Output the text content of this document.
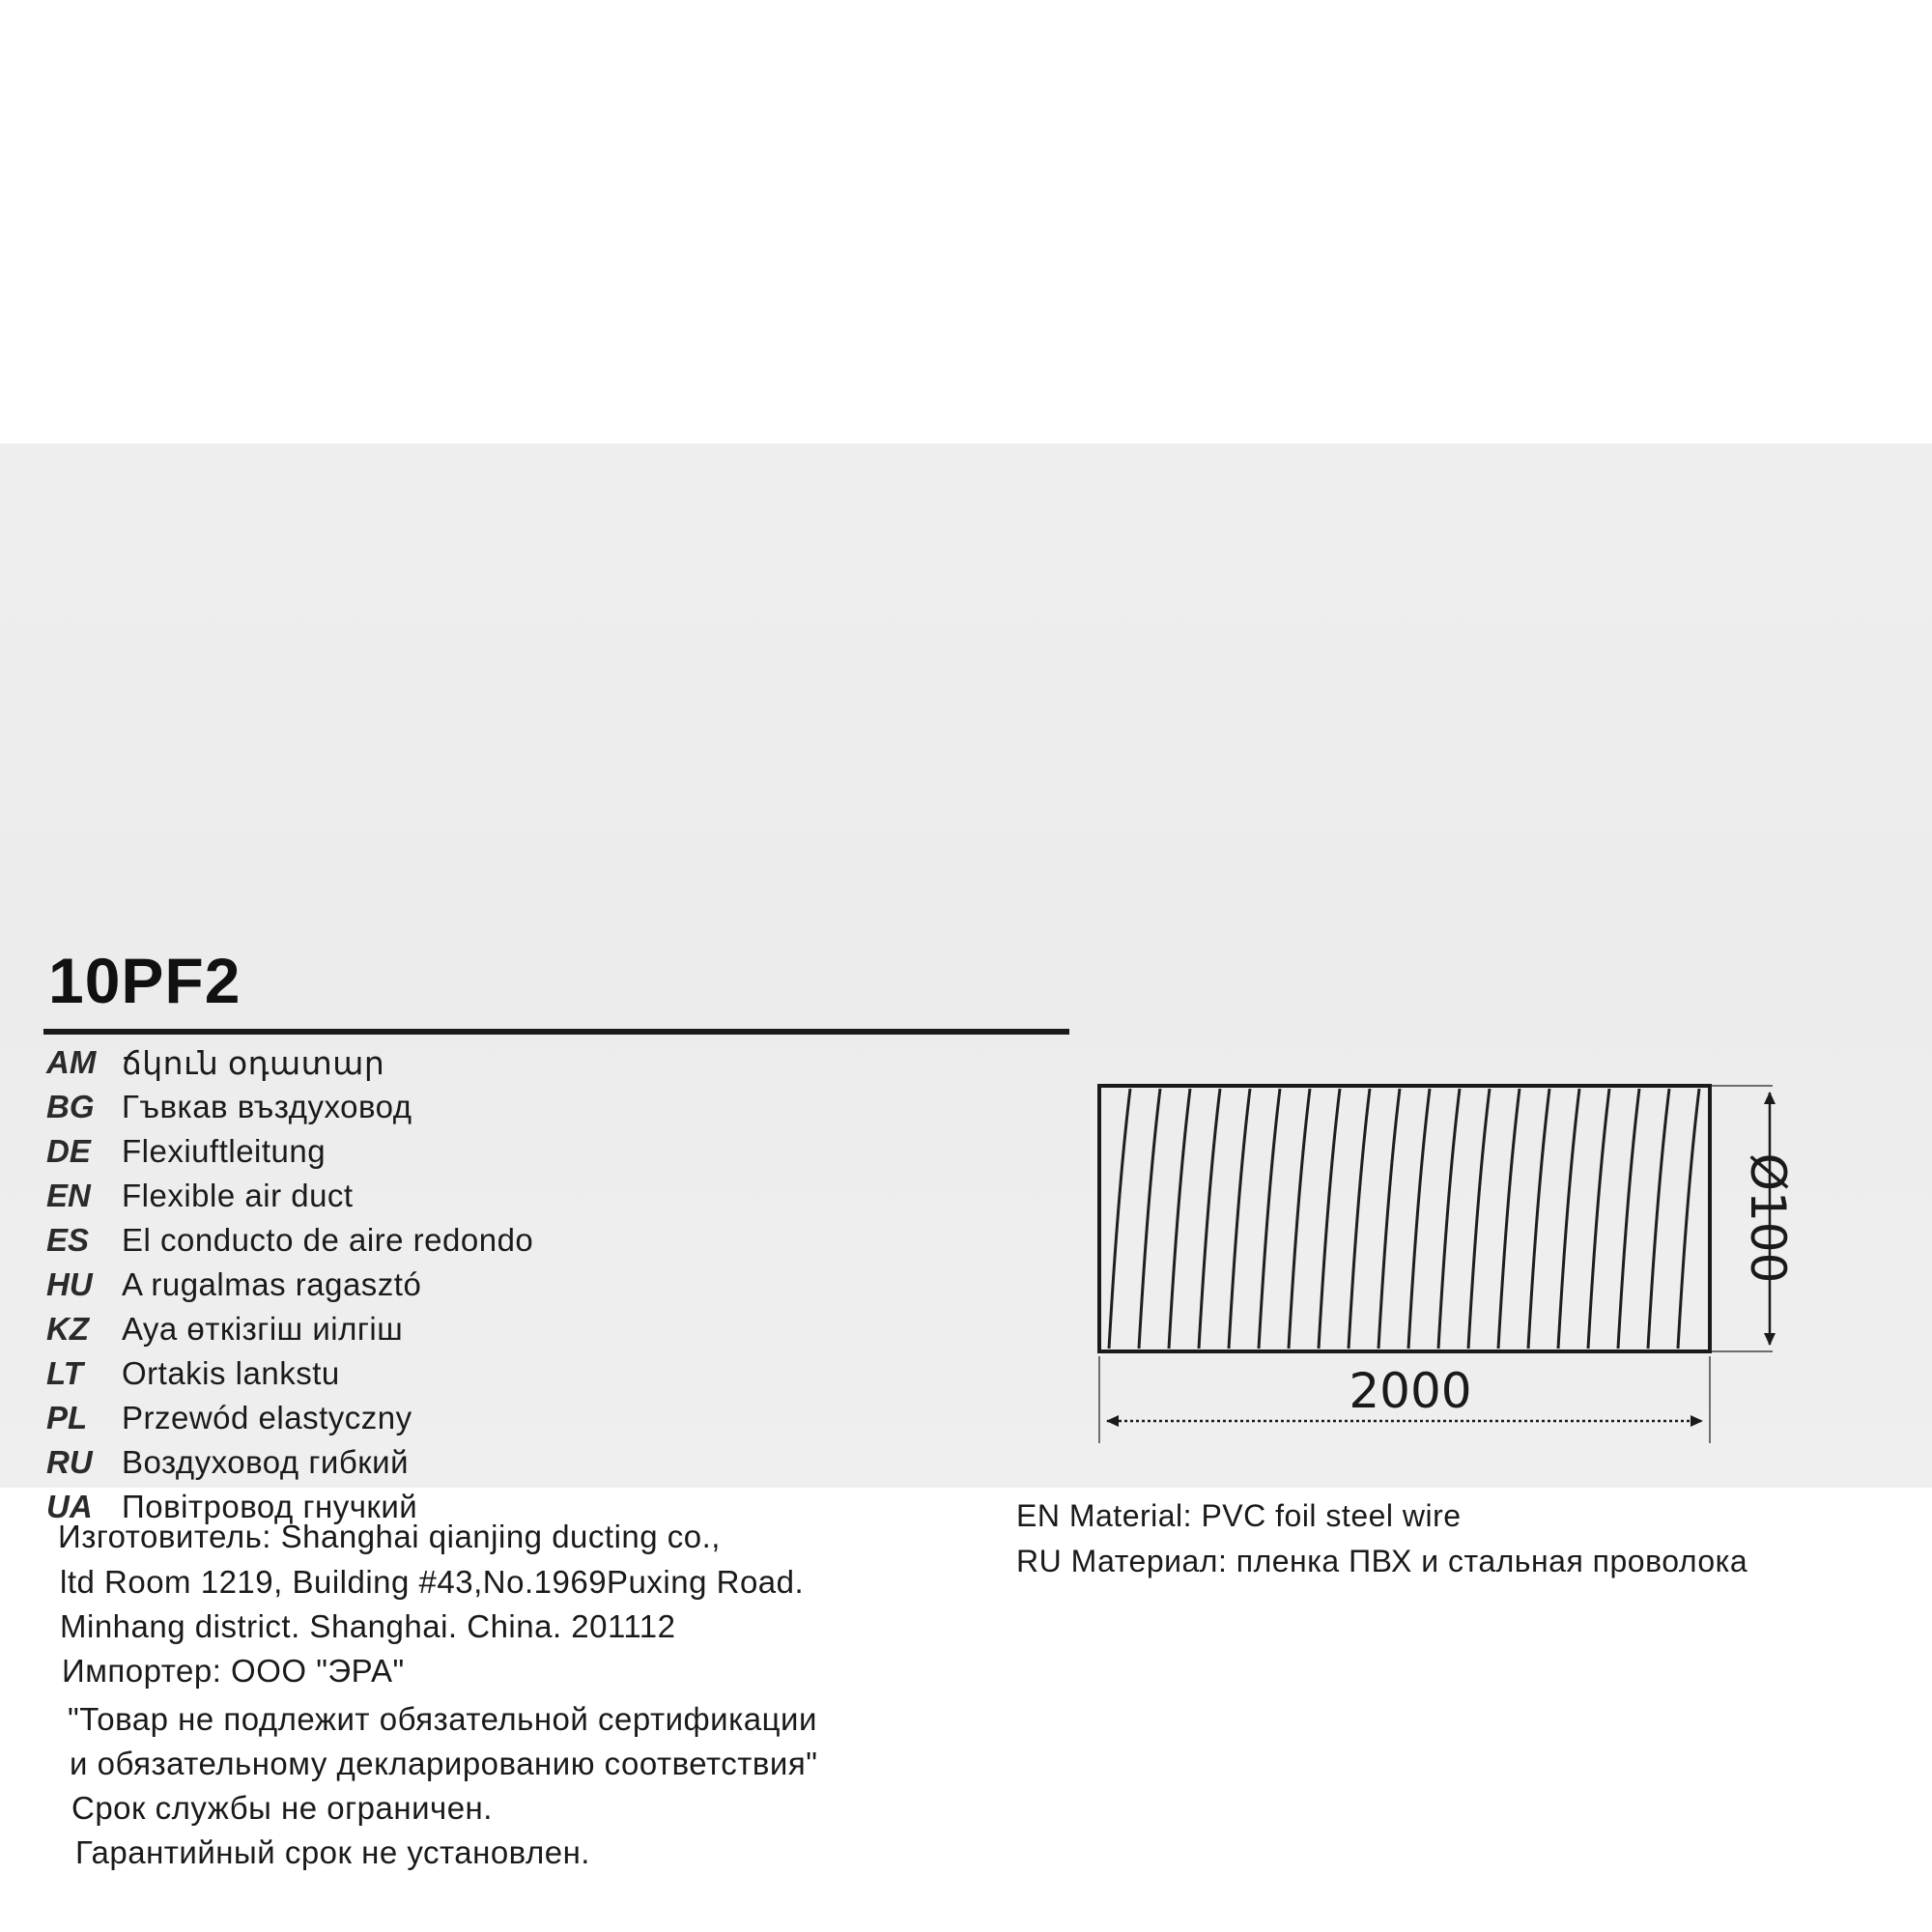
10PF2
AM ճկուն օդատար
BG Гъвкав въздуховод
DE Flexiuftleitung
EN Flexible air duct
ES	El conducto de aire redondo
HU A rugalmas ragasztó
KZ	Aya өткізгіш иілгіш
LT	Ortakis lankstu
PL	Przewód elastyczny
RU Воздуховод гибкий
UA Повітровод гнучкий
Изготовитель: Shanghai qianjing ducting co.,
ltd Room 1219, Building #43,No.1969Puxing Road.
Minhang district. Shanghai. China. 201112
Импортер: ООО "ЭРА"
"Товар не подлежит обязательной сертификации
и обязательному декларированию соответствия"
Срок службы не ограничен.
Гарантийный срок не установлен.
Ø100
2000
EN Material: PVC foil steel wire
RU Материал: пленка ПВХ и стальная проволока
